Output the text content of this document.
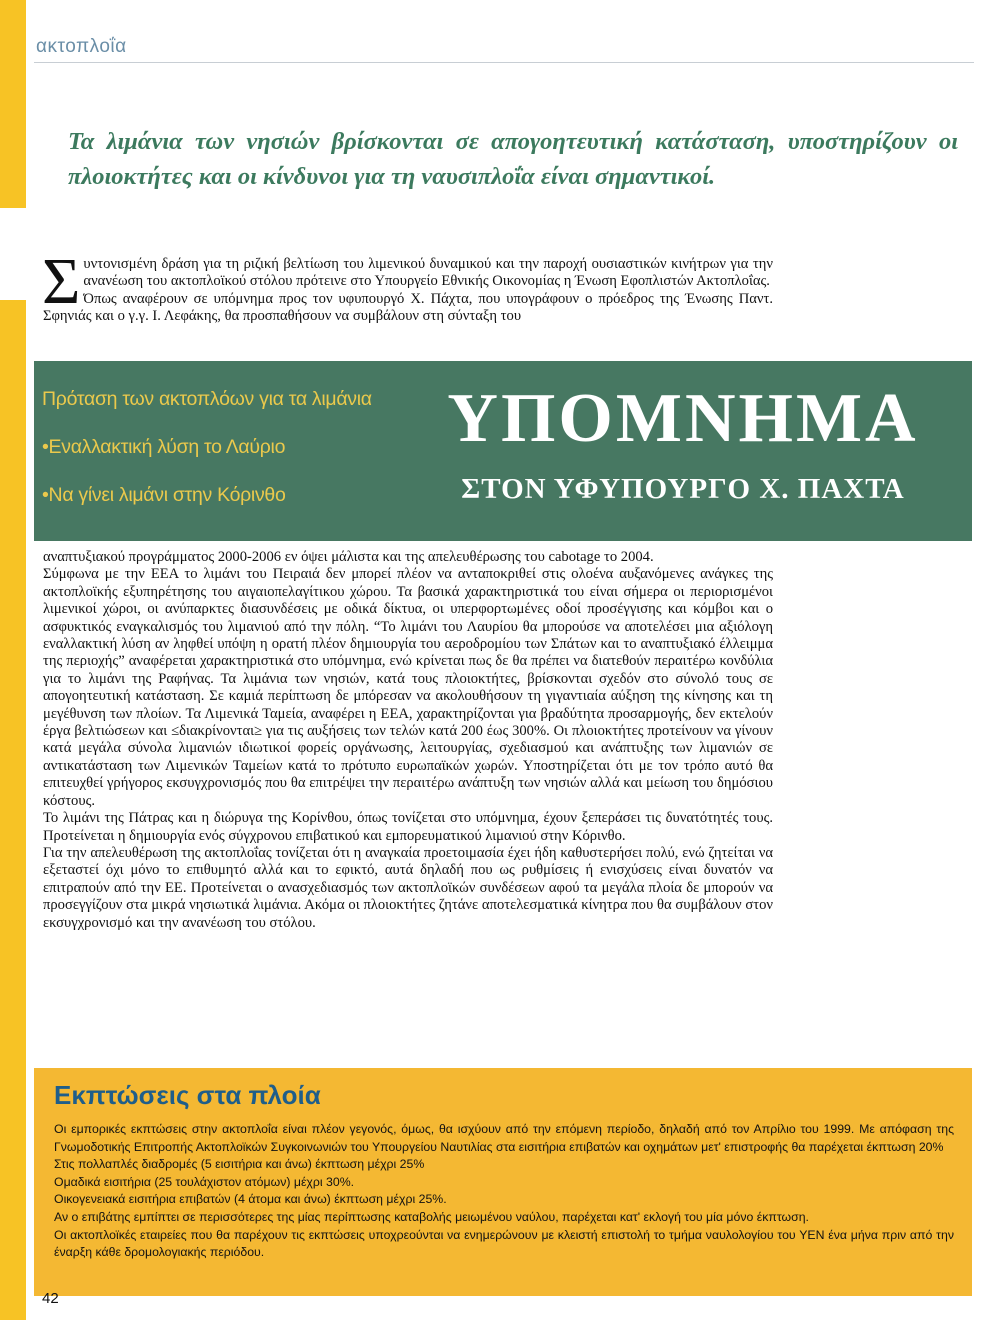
ακτοπλοΐα
Τα λιμάνια των νησιών βρίσκονται σε απογοητευτική κατάσταση, υποστηρίζουν οι πλοιοκτήτες και οι κίνδυνοι για τη ναυσιπλοΐα είναι σημαντικοί.

Συντονισμένη δράση για τη ριζική βελτίωση του λιμενικού δυναμικού και την παροχή ουσιαστικών κινήτρων για την ανανέωση του ακτοπλοϊκού στόλου πρότεινε στο Υπουργείο Εθνικής Οικονομίας η Ένωση Εφοπλιστών Ακτοπλοΐας.

Όπως αναφέρουν σε υπόμνημα προς τον υφυπουργό Χ. Πάχτα, που υπογράφουν ο πρόεδρος της Ένωσης Παντ. Σφηνιάς και ο γ.γ. Ι. Λεφάκης, θα προσπαθήσουν να συμβάλουν στη σύνταξη του

Πρόταση των ακτοπλόων για τα λιμάνια
•Εναλλακτική λύση το Λαύριο
•Να γίνει λιμάνι στην Κόρινθο
ΥΠΟΜΝΗΜΑ
ΣΤΟΝ ΥΦΥΠΟΥΡΓΟ Χ. ΠΑΧΤΑ

αναπτυξιακού προγράμματος 2000-2006 εν όψει μάλιστα και της απελευθέρωσης του cabotage το 2004.

Σύμφωνα με την ΕΕΑ το λιμάνι του Πειραιά δεν μπορεί πλέον να ανταποκριθεί στις ολοένα αυξανόμενες ανάγκες της ακτοπλοϊκής εξυπηρέτησης του αιγαιοπελαγίτικου χώρου. Τα βασικά χαρακτηριστικά του είναι σήμερα οι περιορισμένοι λιμενικοί χώροι, οι ανύπαρκτες διασυνδέσεις με οδικά δίκτυα, οι υπερφορτωμένες οδοί προσέγγισης και κόμβοι και ο ασφυκτικός εναγκαλισμός του λιμανιού από την πόλη. “Το λιμάνι του Λαυρίου θα μπορούσε να αποτελέσει μια αξιόλογη εναλλακτική λύση αν ληφθεί υπόψη η ορατή πλέον δημιουργία του αεροδρομίου των Σπάτων και το αναπτυξιακό έλλειμμα της περιοχής” αναφέρεται χαρακτηριστικά στο υπόμνημα, ενώ κρίνεται πως δε θα πρέπει να διατεθούν περαιτέρω κονδύλια για το λιμάνι της Ραφήνας. Τα λιμάνια των νησιών, κατά τους πλοιοκτήτες, βρίσκονται σχεδόν στο σύνολό τους σε απογοητευτική κατάσταση. Σε καμιά περίπτωση δε μπόρεσαν να ακολουθήσουν τη γιγαντιαία αύξηση της κίνησης και τη μεγέθυνση των πλοίων. Τα Λιμενικά Ταμεία, αναφέρει η ΕΕΑ, χαρακτηρίζονται για βραδύτητα προσαρμογής, δεν εκτελούν έργα βελτιώσεων και ≤διακρίνονται≥ για τις αυξήσεις των τελών κατά 200 έως 300%. Οι πλοιοκτήτες προτείνουν να γίνουν κατά μεγάλα σύνολα λιμανιών ιδιωτικοί φορείς οργάνωσης, λειτουργίας, σχεδιασμού και ανάπτυξης των λιμανιών σε αντικατάσταση των Λιμενικών Ταμείων κατά το πρότυπο ευρωπαϊκών χωρών. Υποστηρίζεται ότι με τον τρόπο αυτό θα επιτευχθεί γρήγορος εκσυγχρονισμός που θα επιτρέψει την περαιτέρω ανάπτυξη των νησιών αλλά και μείωση του δημόσιου κόστους.

Το λιμάνι της Πάτρας και η διώρυγα της Κορίνθου, όπως τονίζεται στο υπόμνημα, έχουν ξεπεράσει τις δυνατότητές τους. Προτείνεται η δημιουργία ενός σύγχρονου επιβατικού και εμπορευματικού λιμανιού στην Κόρινθο.

Για την απελευθέρωση της ακτοπλοΐας τονίζεται ότι η αναγκαία προετοιμασία έχει ήδη καθυστερήσει πολύ, ενώ ζητείται να εξεταστεί όχι μόνο το επιθυμητό αλλά και το εφικτό, αυτά δηλαδή που ως ρυθμίσεις ή ενισχύσεις είναι δυνατόν να επιτραπούν από την ΕΕ. Προτείνεται ο ανασχεδιασμός των ακτοπλοϊκών συνδέσεων αφού τα μεγάλα πλοία δε μπορούν να προσεγγίζουν στα μικρά νησιωτικά λιμάνια. Ακόμα οι πλοιοκτήτες ζητάνε αποτελεσματικά κίνητρα που θα συμβάλουν στον εκσυγχρονισμό και την ανανέωση του στόλου.

Εκπτώσεις στα πλοία

Οι εμπορικές εκπτώσεις στην ακτοπλοΐα είναι πλέον γεγονός, όμως, θα ισχύουν από την επόμενη περίοδο, δηλαδή από τον Απρίλιο του 1999. Με απόφαση της Γνωμοδοτικής Επιτροπής Ακτοπλοϊκών Συγκοινωνιών του Υπουργείου Ναυτιλίας στα εισιτήρια επιβατών και οχημάτων μετ' επιστροφής θα παρέχεται έκπτωση 20%

Στις πολλαπλές διαδρομές (5 εισιτήρια και άνω) έκπτωση μέχρι 25%

Ομαδικά εισιτήρια (25 τουλάχιστον ατόμων) μέχρι 30%.

Οικογενειακά εισιτήρια επιβατών (4 άτομα και άνω) έκπτωση μέχρι 25%.

Αν ο επιβάτης εμπίπτει σε περισσότερες της μίας περίπτωσης καταβολής μειωμένου ναύλου, παρέχεται κατ' εκλογή του μία μόνο έκπτωση.

Οι ακτοπλοϊκές εταιρείες που θα παρέχουν τις εκπτώσεις υποχρεούνται να ενημερώνουν με κλειστή επιστολή το τμήμα ναυλολογίου του ΥΕΝ ένα μήνα πριν από την έναρξη κάθε δρομολογιακής περιόδου.

42
